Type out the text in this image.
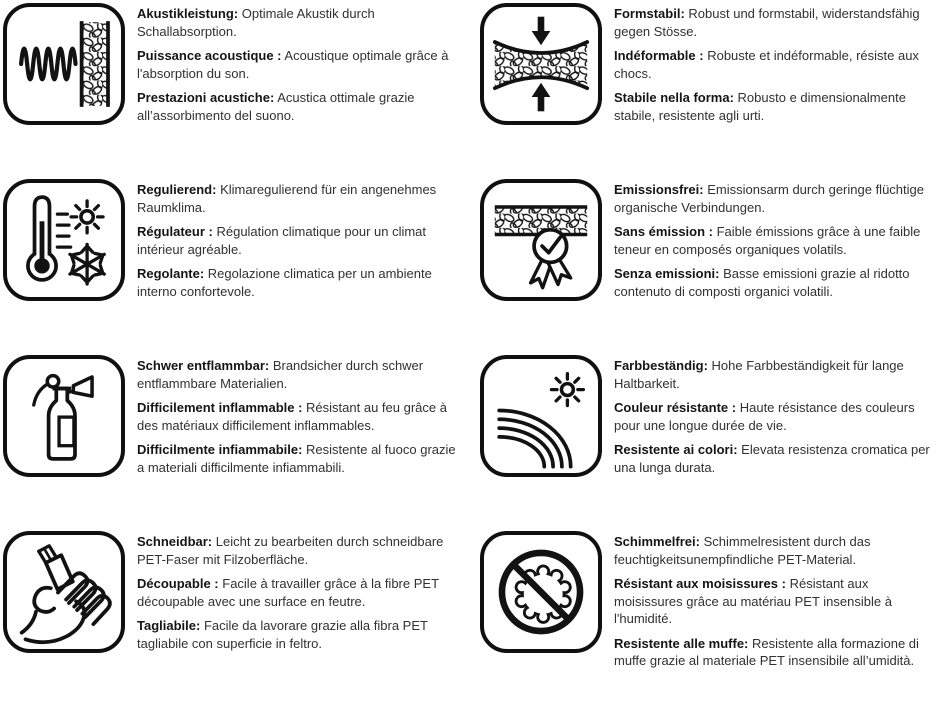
Akustikleistung: Optimale Akustik durch Schallabsorption.

Puissance acoustique : Acoustique optimale grâce à l'absorption du son.

Prestazioni acustiche: Acustica ottimale grazie all’assorbimento del suono.

Formstabil: Robust und formstabil, widerstandsfähig gegen Stösse.

Indéformable : Robuste et indéformable, résiste aux chocs.

Stabile nella forma: Robusto e dimensionalmente stabile, resistente agli urti.

Regulierend: Klimaregulierend für ein angenehmes Raumklima.

Régulateur : Régulation climatique pour un climat intérieur agréable.

Regolante: Regolazione climatica per un ambiente interno confortevole.

Emissionsfrei: Emissionsarm durch geringe flüchtige organische Verbindungen.

Sans émission : Faible émissions grâce à une faible teneur en composés organiques volatils.

Senza emissioni: Basse emissioni grazie al ridotto contenuto di composti organici volatili.

Schwer entflammbar: Brandsicher durch schwer entflammbare Materialien.

Difficilement inflammable : Résistant au feu grâce à des matériaux difficilement inflammables.

Difficilmente infiammabile: Resistente al fuoco grazie a materiali difficilmente infiammabili.

Farbbeständig: Hohe Farbbeständigkeit für lange Haltbarkeit.

Couleur résistante : Haute résistance des couleurs pour une longue durée de vie.

Resistente ai colori: Elevata resistenza cromatica per una lunga durata.

Schneidbar: Leicht zu bearbeiten durch schneidbare PET-Faser mit Filzoberfläche.

Découpable : Facile à travailler grâce à la fibre PET découpable avec une surface en feutre.

Tagliabile: Facile da lavorare grazie alla fibra PET tagliabile con superficie in feltro.

Schimmelfrei: Schimmelresistent durch das feuchtigkeitsunempfindliche PET-Material.

Résistant aux moisissures : Résistant aux moisissures grâce au matériau PET insensible à l'humidité.

Resistente alle muffe: Resistente alla formazione di muffe grazie al materiale PET insensibile all’umidità.
